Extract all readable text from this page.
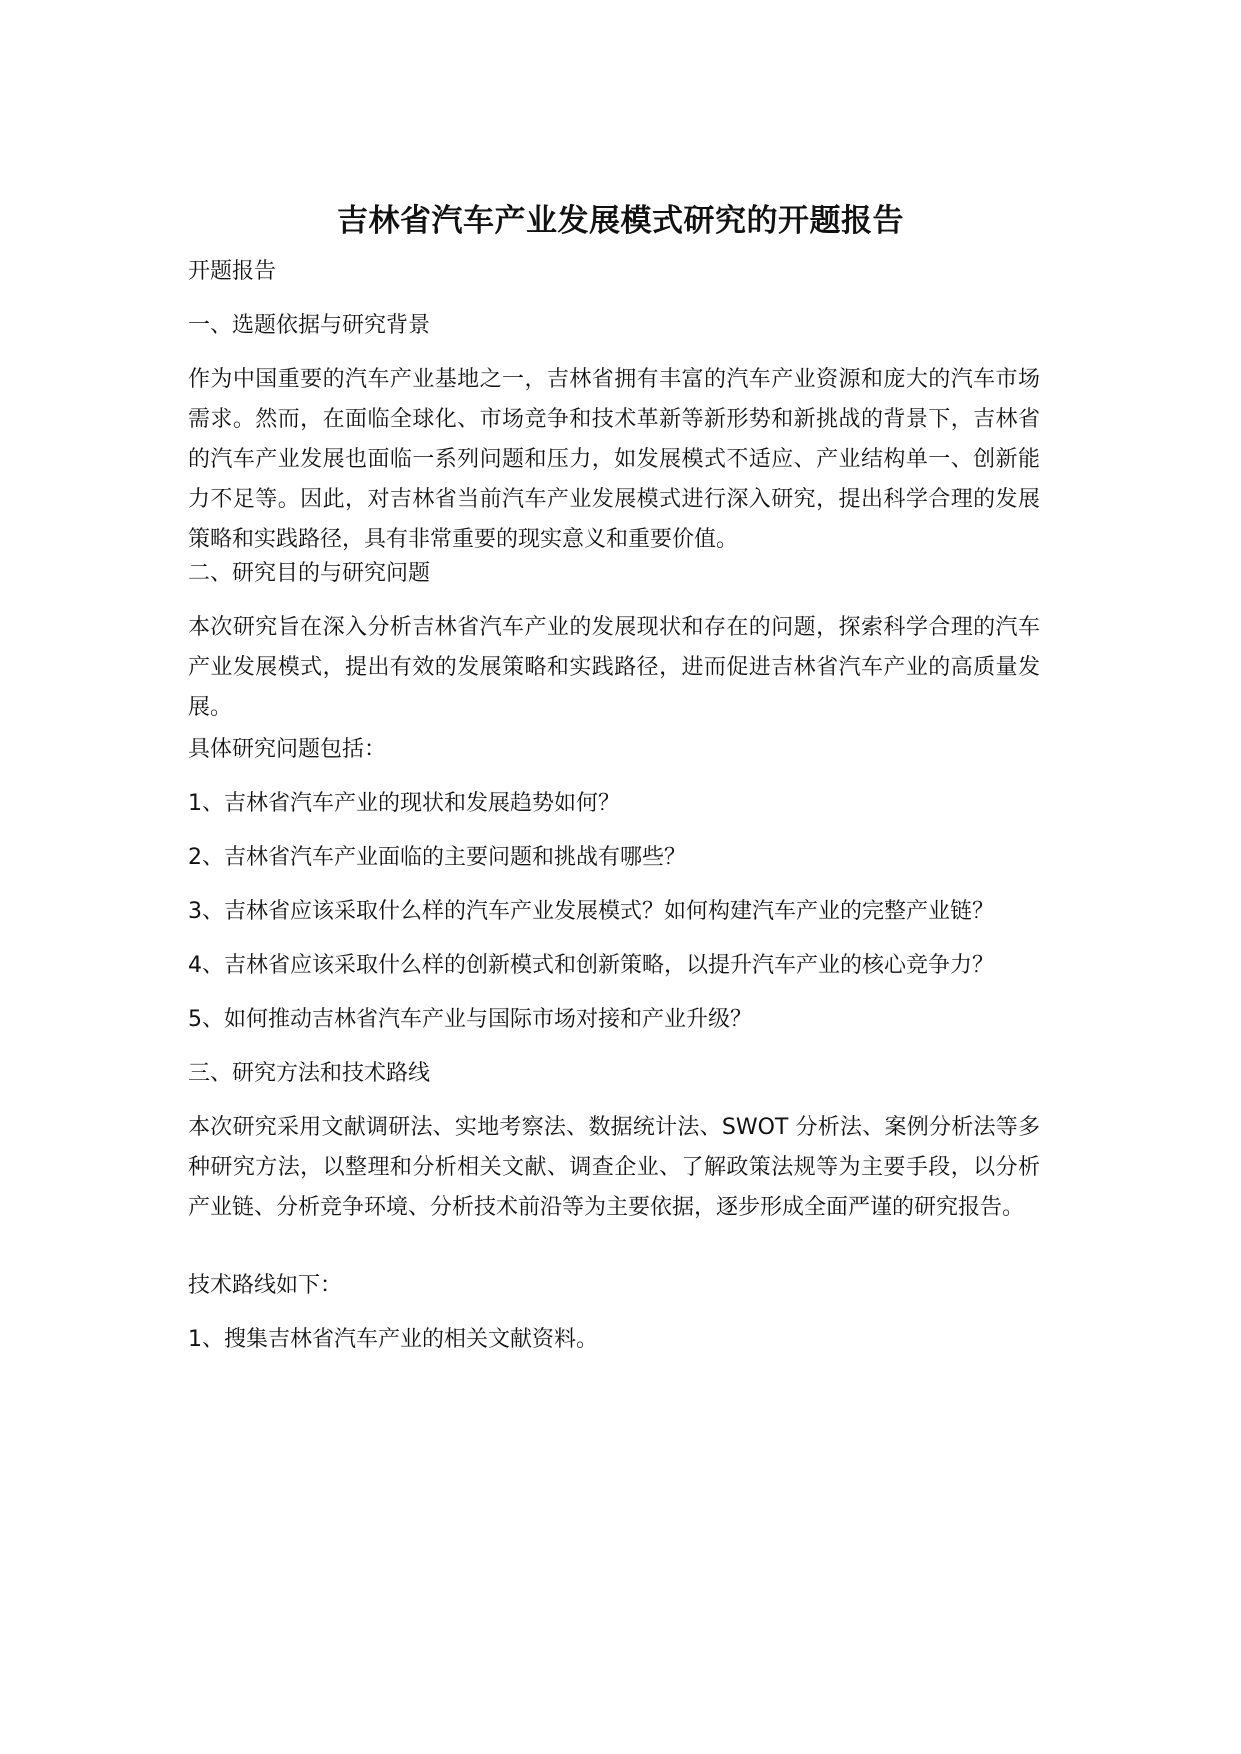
吉林省汽车产业发展模式研究的开题报告

开题报告

一、选题依据与研究背景

作为中国重要的汽车产业基地之一，吉林省拥有丰富的汽车产业资源和庞大的汽车市场需求。然而，在面临全球化、市场竞争和技术革新等新形势和新挑战的背景下，吉林省的汽车产业发展也面临一系列问题和压力，如发展模式不适应、产业结构单一、创新能力不足等。因此，对吉林省当前汽车产业发展模式进行深入研究，提出科学合理的发展策略和实践路径，具有非常重要的现实意义和重要价值。

二、研究目的与研究问题

本次研究旨在深入分析吉林省汽车产业的发展现状和存在的问题，探索科学合理的汽车产业发展模式，提出有效的发展策略和实践路径，进而促进吉林省汽车产业的高质量发展。

具体研究问题包括：

1、吉林省汽车产业的现状和发展趋势如何？

2、吉林省汽车产业面临的主要问题和挑战有哪些？

3、吉林省应该采取什么样的汽车产业发展模式？如何构建汽车产业的完整产业链？

4、吉林省应该采取什么样的创新模式和创新策略，以提升汽车产业的核心竞争力？

5、如何推动吉林省汽车产业与国际市场对接和产业升级？

三、研究方法和技术路线

本次研究采用文献调研法、实地考察法、数据统计法、SWOT 分析法、案例分析法等多种研究方法，以整理和分析相关文献、调查企业、了解政策法规等为主要手段，以分析产业链、分析竞争环境、分析技术前沿等为主要依据，逐步形成全面严谨的研究报告。

技术路线如下：

1、搜集吉林省汽车产业的相关文献资料。
